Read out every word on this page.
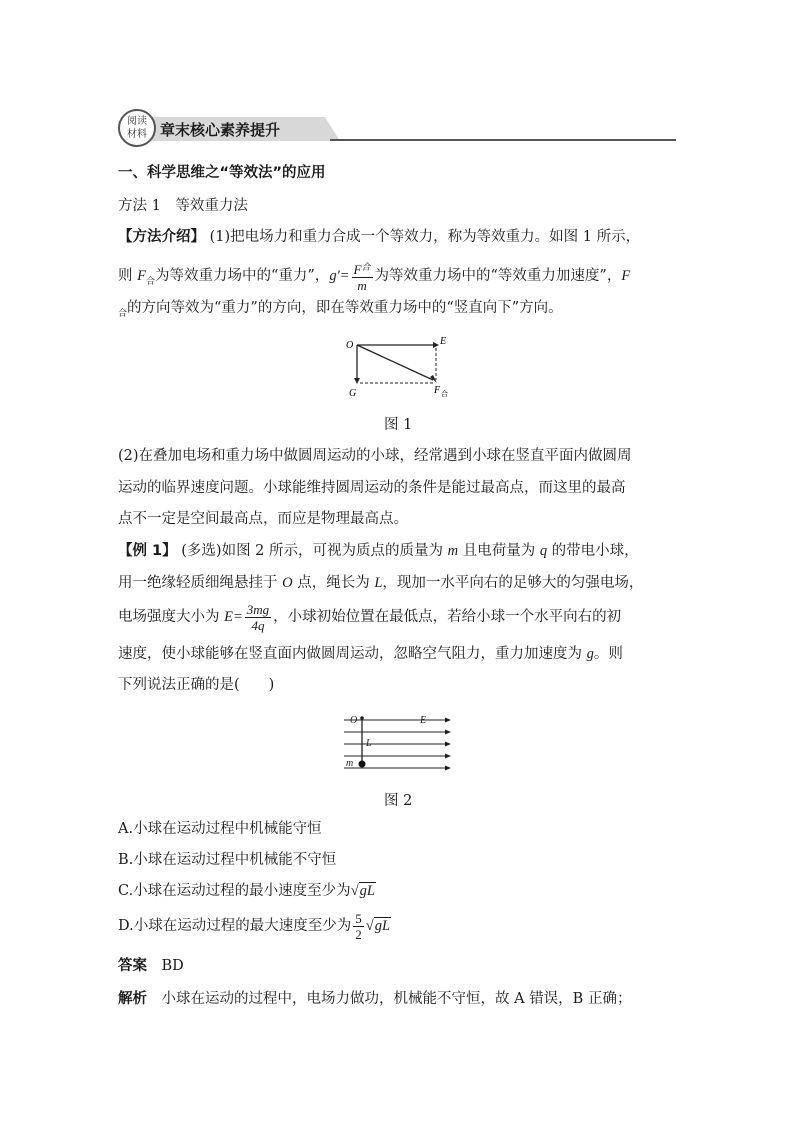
阅读
材料 章末核心素养提升
一、科学思维之“等效法”的应用
方法 1　等效重力法
【方法介绍】 (1)把电场力和重力合成一个等效力，称为等效重力。如图 1 所示，
则 $F_合$为等效重力场中的“重力”，$g'= \frac{F^合}{m}$ 为等效重力场中的“等效重力加速度”，F
$_合$的方向等效为“重力”的方向，即在等效重力场中的“竖直向下”方向。
O	E
G	F 合
图 1
(2)在叠加电场和重力场中做圆周运动的小球，经常遇到小球在竖直平面内做圆周
运动的临界速度问题。小球能维持圆周运动的条件是能过最高点，而这里的最高
点不一定是空间最高点，而应是物理最高点。
【例 1】 (多选)如图 2 所示，可视为质点的质量为 m 且电荷量为 q 的带电小球，
用一绝缘轻质细绳悬挂于 O 点，绳长为 L，现加一水平向右的足够大的匀强电场，
电场强度大小为 $E= \frac{3mg}{4q}$ ，小球初始位置在最低点，若给小球一个水平向右的初
速度，使小球能够在竖直面内做圆周运动，忽略空气阻力，重力加速度为 g。则
下列说法正确的是(　　)
O	E
L
m
图 2
A.小球在运动过程中机械能守恒
B.小球在运动过程中机械能不守恒
C.小球在运动过程的最小速度至少为√gL
D.小球在运动过程的最大速度至少为 $\frac{5}{2} √gL$
答案　 BD
解析　 小球在运动的过程中，电场力做功，机械能不守恒，故 A 错误，B 正确；
